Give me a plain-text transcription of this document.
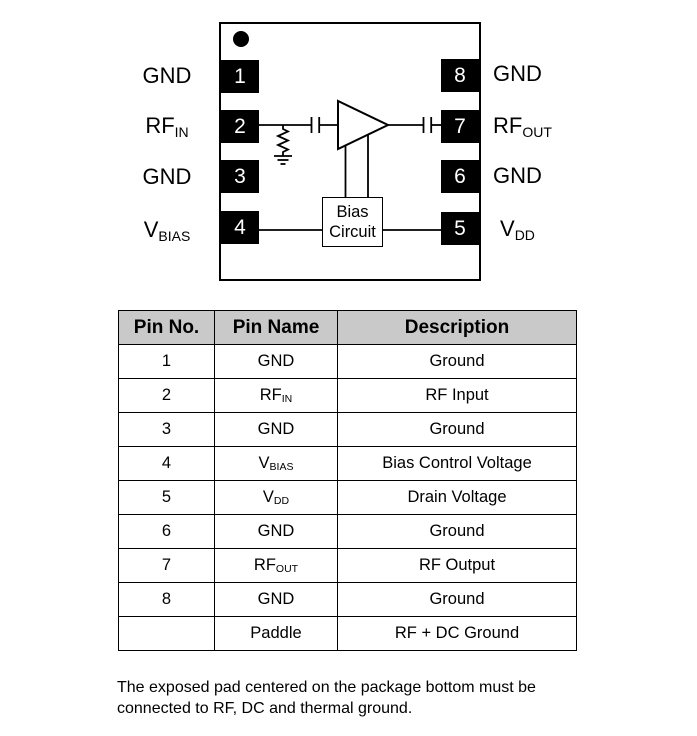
1
2
3
4
8
7
6
5
GND
$RF_{IN}$
GND
$V_{BIAS}$
GND
$RF_{OUT}$
GND
$V_{DD}$
Bias
Circuit
Pin No.	Pin Name	Description
1	GND	Ground
2	$RF_{IN}$	RF Input
3	GND	Ground
4	$V_{BIAS}$	Bias Control Voltage
5	$V_{DD}$	Drain Voltage
6	GND	Ground
7	$RF_{OUT}$	RF Output
8	GND	Ground
	Paddle	RF + DC Ground
The exposed pad centered on the package bottom must be
connected to RF, DC and thermal ground.
